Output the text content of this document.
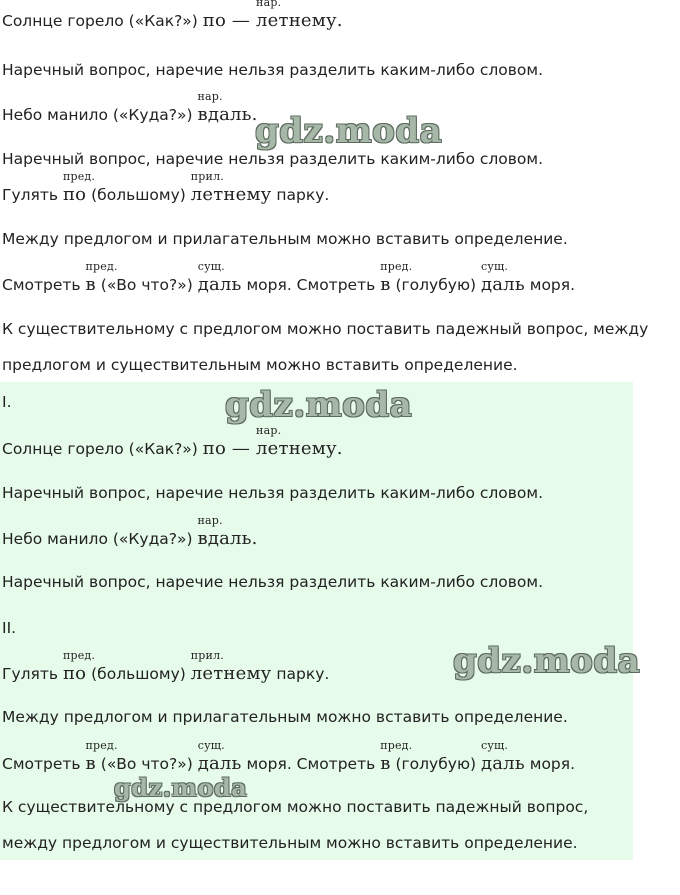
Солнце горело («Как?») по —
нар.
летнему.
Наречный вопрос, наречие нельзя разделить каким-либо словом.
Небо манило («Куда?»)
нар.
вдаль.
Наречный вопрос, наречие нельзя разделить каким-либо словом.
Гулять
пред.
по (большому)
прил.
летнему парку.
Между предлогом и прилагательным можно вставить определение.
Смотреть
пред.
в («Во что?»)
сущ.
даль моря. Смотреть
пред.
в (голубую)
сущ.
даль моря.
К существительному с предлогом можно поставить падежный вопрос, между
предлогом и существительным можно вставить определение.
I.
Солнце горело («Как?») по —
нар.
летнему.
Наречный вопрос, наречие нельзя разделить каким-либо словом.
Небо манило («Куда?»)
нар.
вдаль.
Наречный вопрос, наречие нельзя разделить каким-либо словом.
II.
Гулять
пред.
по (большому)
прил.
летнему парку.
Между предлогом и прилагательным можно вставить определение.
Смотреть
пред.
в («Во что?»)
сущ.
даль моря. Смотреть
пред.
в (голубую)
сущ.
даль моря.
К существительному с предлогом можно поставить падежный вопрос,
между предлогом и существительным можно вставить определение.
gdz.moda
gdz.moda
gdz.moda
gdz.moda
